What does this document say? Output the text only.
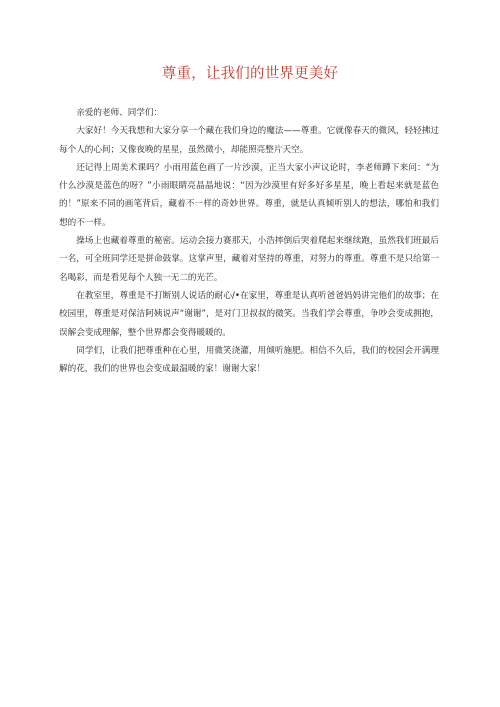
尊重，让我们的世界更美好

亲爱的老师、同学们：

大家好！今天我想和大家分享一个藏在我们身边的魔法——尊重。它就像春天的微风，轻轻拂过每个人的心间；又像夜晚的星星，虽然微小，却能照亮整片天空。

还记得上周美术课吗？小雨用蓝色画了一片沙漠，正当大家小声议论时，李老师蹲下来问：“为什么沙漠是蓝色的呀？”小雨眼睛亮晶晶地说：“因为沙漠里有好多好多星星，晚上看起来就是蓝色的！”原来不同的画笔背后，藏着不一样的奇妙世界。尊重，就是认真倾听别人的想法，哪怕和我们想的不一样。

操场上也藏着尊重的秘密。运动会接力赛那天，小浩摔倒后哭着爬起来继续跑，虽然我们班最后一名，可全班同学还是拼命鼓掌。这掌声里，藏着对坚持的尊重，对努力的尊重。尊重不是只给第一名喝彩，而是看见每个人独一无二的光芒。

在教室里，尊重是不打断别人说话的耐心/•在家里，尊重是认真听爸爸妈妈讲完他们的故事；在校园里，尊重是对保洁阿姨说声“谢谢”，是对门卫叔叔的微笑。当我们学会尊重，争吵会变成拥抱，误解会变成理解，整个世界都会变得暖暖的。

同学们，让我们把尊重种在心里，用微笑浇灌，用倾听施肥。相信不久后，我们的校园会开满理解的花，我们的世界也会变成最温暖的家！谢谢大家！
